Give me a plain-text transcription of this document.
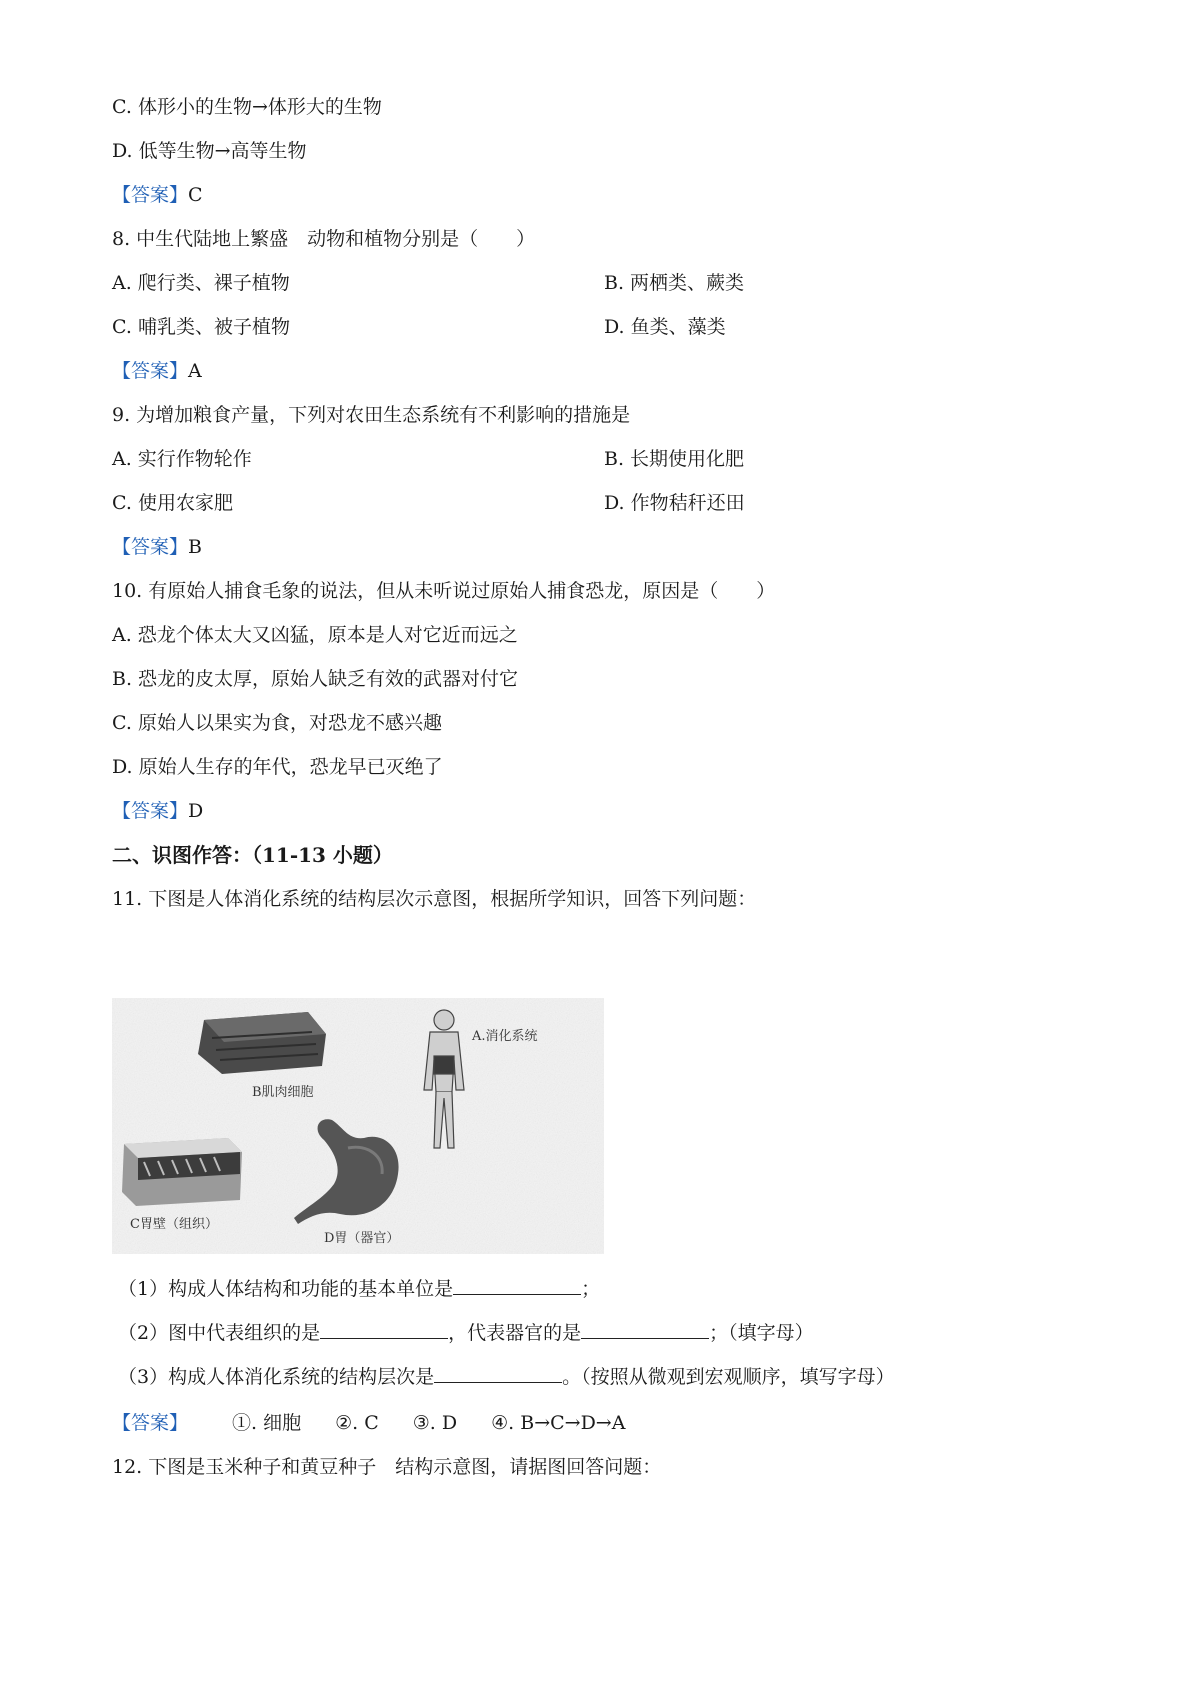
C. 体形小的生物→体形大的生物
D. 低等生物→高等生物
【答案】C
8. 中生代陆地上繁盛　动物和植物分别是（　　）
A. 爬行类、裸子植物	B. 两栖类、蕨类
C. 哺乳类、被子植物	D. 鱼类、藻类
【答案】A
9. 为增加粮食产量，下列对农田生态系统有不利影响的措施是
A. 实行作物轮作	B. 长期使用化肥
C. 使用农家肥	D. 作物秸秆还田
【答案】B
10. 有原始人捕食毛象的说法，但从未听说过原始人捕食恐龙，原因是（　　）
A. 恐龙个体太大又凶猛，原本是人对它近而远之
B. 恐龙的皮太厚，原始人缺乏有效的武器对付它
C. 原始人以果实为食，对恐龙不感兴趣
D. 原始人生存的年代，恐龙早已灭绝了
【答案】D
二、识图作答：（11-13 小题）
11. 下图是人体消化系统的结构层次示意图，根据所学知识，回答下列问题：
B肌肉细胞
A.消化系统
C胃壁（组织）
D胃（器官）
（1）构成人体结构和功能的基本单位是	；
（2）图中代表组织的是	，代表器官的是	；（填字母）
（3）构成人体消化系统的结构层次是	。（按照从微观到宏观顺序，填写字母）
【答案】 ①. 细胞 ②. C ③. D ④. B→C→D→A
12. 下图是玉米种子和黄豆种子　结构示意图，请据图回答问题：
